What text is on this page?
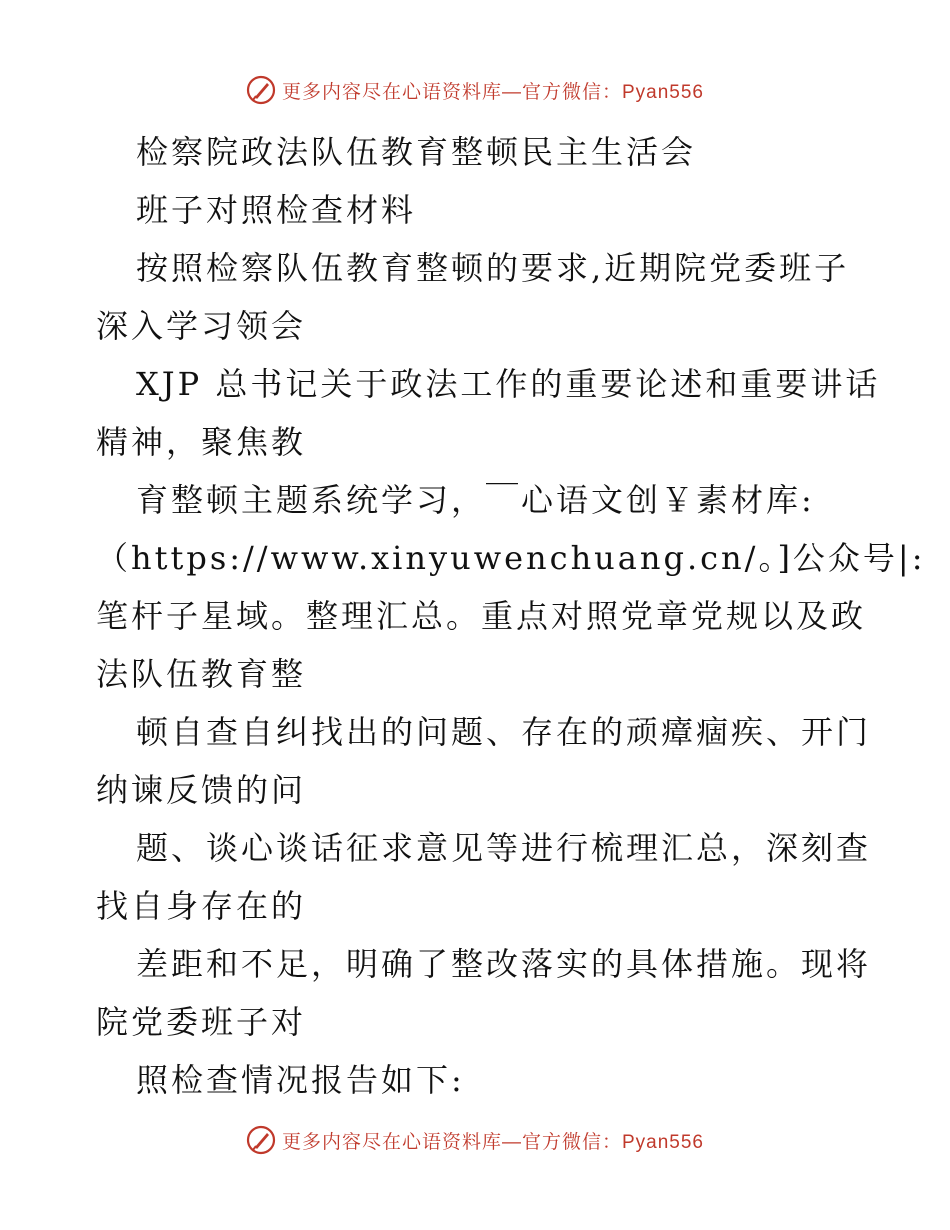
更多内容尽在心语资料库—官方微信：Pyan556
检察院政法队伍教育整顿民主生活会
班子对照检查材料
按照检察队伍教育整顿的要求,近期院党委班子
深入学习领会
XJP 总书记关于政法工作的重要论述和重要讲话
精神，聚焦教
育整顿主题系统学习，￣心语文创￥素材库:
（https://www.xinyuwenchuang.cn/。]公众号|:
笔杆子星域。整理汇总。重点对照党章党规以及政
法队伍教育整
顿自查自纠找出的问题、存在的顽瘴痼疾、开门
纳谏反馈的问
题、谈心谈话征求意见等进行梳理汇总，深刻查
找自身存在的
差距和不足，明确了整改落实的具体措施。现将
院党委班子对
照检查情况报告如下:
更多内容尽在心语资料库—官方微信：Pyan556
